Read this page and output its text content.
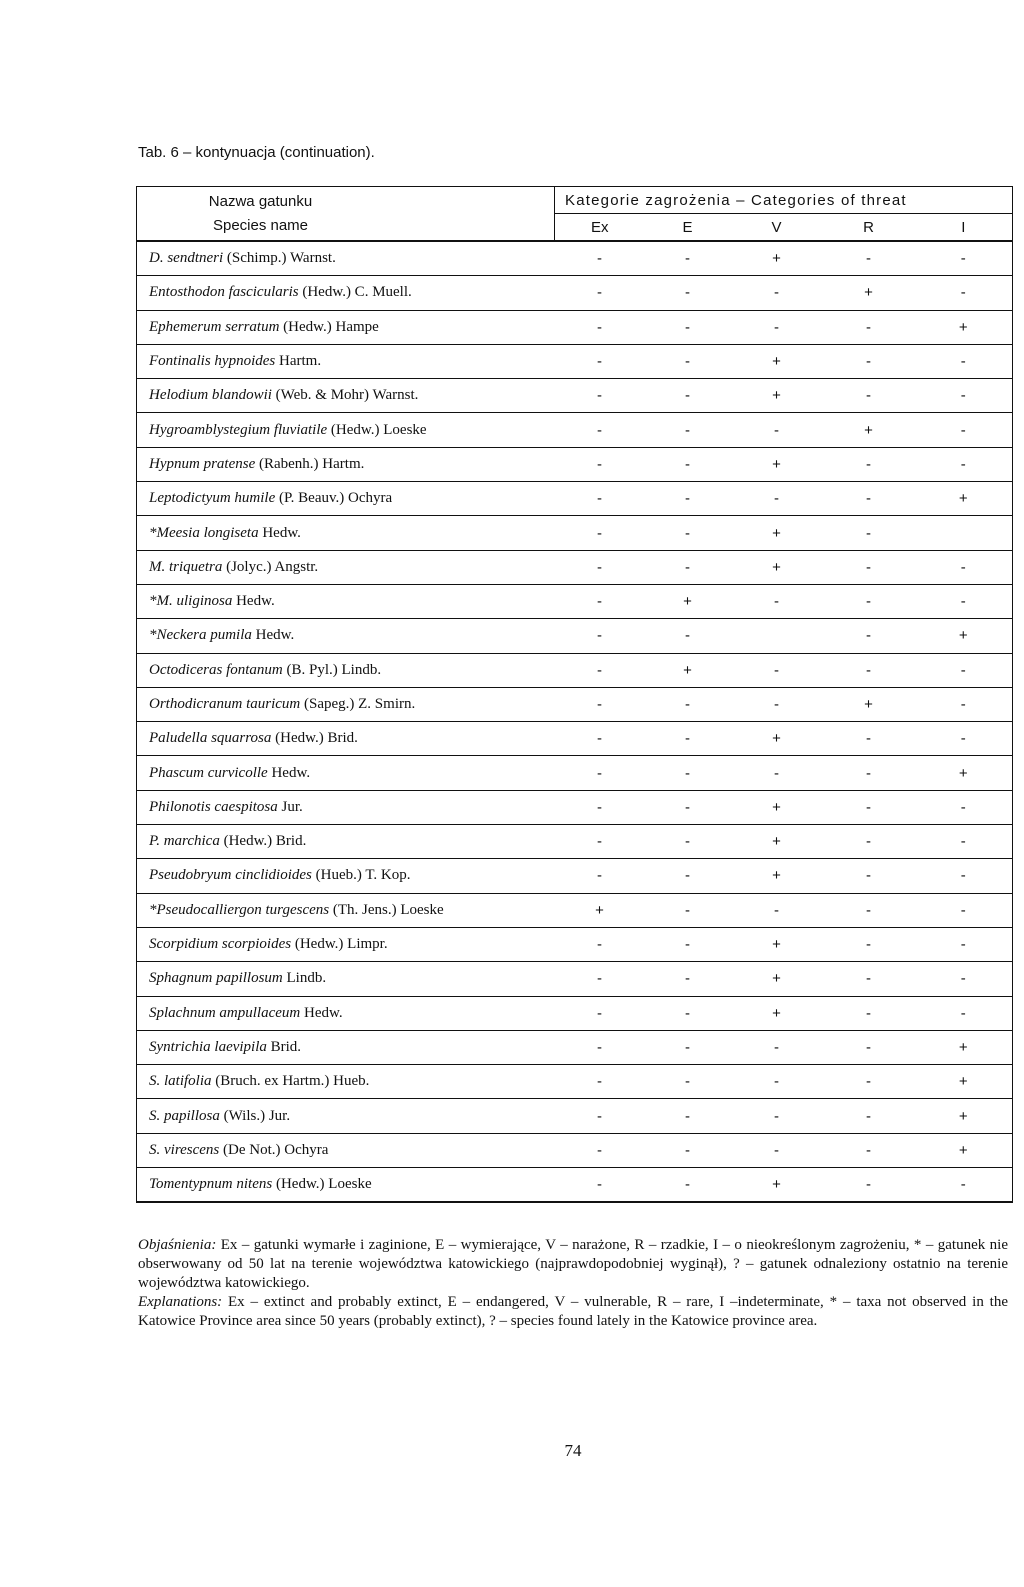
Tab. 6 – kontynuacja (continuation).
Nazwa gatunku
Species name	Kategorie zagrożenia – Categories of threat				
	Ex	E	V	R	I
D. sendtneri (Schimp.) Warnst.	-	-	+	-	-
Entosthodon fascicularis (Hedw.) C. Muell.	-	-	-	+	-
Ephemerum serratum (Hedw.) Hampe	-	-	-	-	+
Fontinalis hypnoides Hartm.	-	-	+	-	-
Helodium blandowii (Web. & Mohr) Warnst.	-	-	+	-	-
Hygroamblystegium fluviatile (Hedw.) Loeske	-	-	-	+	-
Hypnum pratense (Rabenh.) Hartm.	-	-	+	-	-
Leptodictyum humile (P. Beauv.) Ochyra	-	-	-	-	+
*Meesia longiseta Hedw.	-	-	+	-	
M. triquetra (Jolyc.) Angstr.	-	-	+	-	-
*M. uliginosa Hedw.	-	+	-	-	-
*Neckera pumila Hedw.	-	-		-	+
Octodiceras fontanum (B. Pyl.) Lindb.	-	+	-	-	-
Orthodicranum tauricum (Sapeg.) Z. Smirn.	-	-	-	+	-
Paludella squarrosa (Hedw.) Brid.	-	-	+	-	-
Phascum curvicolle Hedw.	-	-	-	-	+
Philonotis caespitosa Jur.	-	-	+	-	-
P. marchica (Hedw.) Brid.	-	-	+	-	-
Pseudobryum cinclidioides (Hueb.) T. Kop.	-	-	+	-	-
*Pseudocalliergon turgescens (Th. Jens.) Loeske	+	-	-	-	-
Scorpidium scorpioides (Hedw.) Limpr.	-	-	+	-	-
Sphagnum papillosum Lindb.	-	-	+	-	-
Splachnum ampullaceum Hedw.	-	-	+	-	-
Syntrichia laevipila Brid.	-	-	-	-	+
S. latifolia (Bruch. ex Hartm.) Hueb.	-	-	-	-	+
S. papillosa (Wils.) Jur.	-	-	-	-	+
S. virescens (De Not.) Ochyra	-	-	-	-	+
Tomentypnum nitens (Hedw.) Loeske	-	-	+	-	-

Objaśnienia: Ex – gatunki wymarłe i zaginione, E – wymierające, V – narażone, R – rzadkie, I – o nieokreślonym zagrożeniu, * – gatunek nie obserwowany od 50 lat na terenie województwa katowickiego (najprawdopodobniej wyginął), ? – gatunek odnaleziony ostatnio na terenie województwa katowickiego.

Explanations: Ex – extinct and probably extinct, E – endangered, V – vulnerable, R – rare, I –indeterminate, * – taxa not observed in the Katowice Province area since 50 years (probably extinct), ? – species found lately in the Katowice province area.

74
